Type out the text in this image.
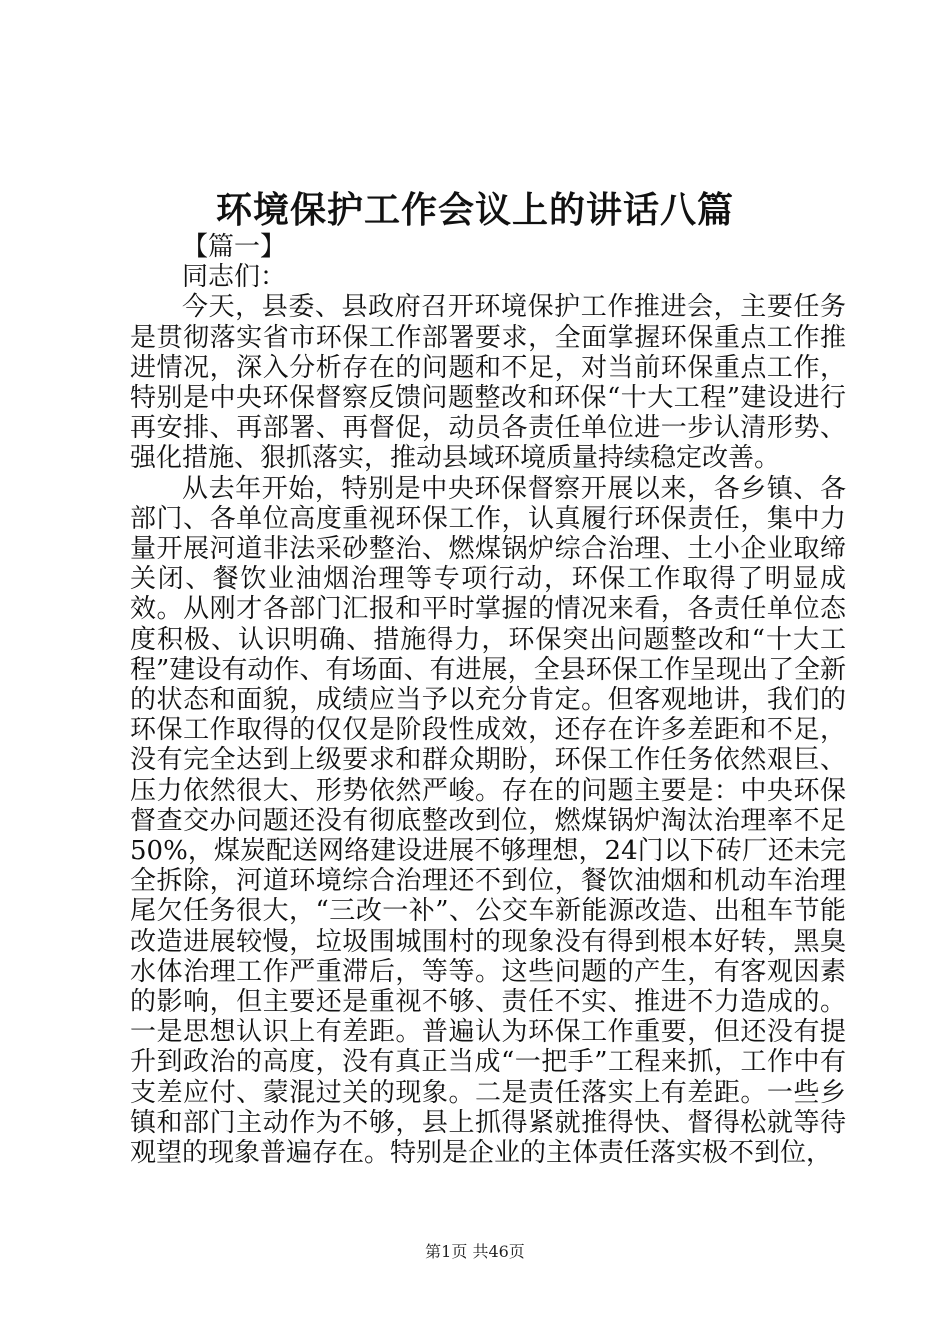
环境保护工作会议上的讲话八篇

【篇一】

同志们：

今天，县委、县政府召开环境保护工作推进会，主要任务是贯彻落实省市环保工作部署要求，全面掌握环保重点工作推进情况，深入分析存在的问题和不足，对当前环保重点工作，特别是中央环保督察反馈问题整改和环保“十大工程”建设进行再安排、再部署、再督促，动员各责任单位进一步认清形势、强化措施、狠抓落实，推动县域环境质量持续稳定改善。

从去年开始，特别是中央环保督察开展以来，各乡镇、各部门、各单位高度重视环保工作，认真履行环保责任，集中力量开展河道非法采砂整治、燃煤锅炉综合治理、土小企业取缔关闭、餐饮业油烟治理等专项行动，环保工作取得了明显成效。从刚才各部门汇报和平时掌握的情况来看，各责任单位态度积极、认识明确、措施得力，环保突出问题整改和“十大工程”建设有动作、有场面、有进展，全县环保工作呈现出了全新的状态和面貌，成绩应当予以充分肯定。但客观地讲，我们的环保工作取得的仅仅是阶段性成效，还存在许多差距和不足，没有完全达到上级要求和群众期盼，环保工作任务依然艰巨、压力依然很大、形势依然严峻。存在的问题主要是：中央环保督查交办问题还没有彻底整改到位，燃煤锅炉淘汰治理率不足50%，煤炭配送网络建设进展不够理想，24门以下砖厂还未完全拆除，河道环境综合治理还不到位，餐饮油烟和机动车治理尾欠任务很大，“三改一补”、公交车新能源改造、出租车节能改造进展较慢，垃圾围城围村的现象没有得到根本好转，黑臭水体治理工作严重滞后，等等。这些问题的产生，有客观因素的影响，但主要还是重视不够、责任不实、推进不力造成的。一是思想认识上有差距。普遍认为环保工作重要，但还没有提升到政治的高度，没有真正当成“一把手”工程来抓，工作中有支差应付、蒙混过关的现象。二是责任落实上有差距。一些乡镇和部门主动作为不够，县上抓得紧就推得快、督得松就等待观望的现象普遍存在。特别是企业的主体责任落实极不到位，

第1页 共46页
